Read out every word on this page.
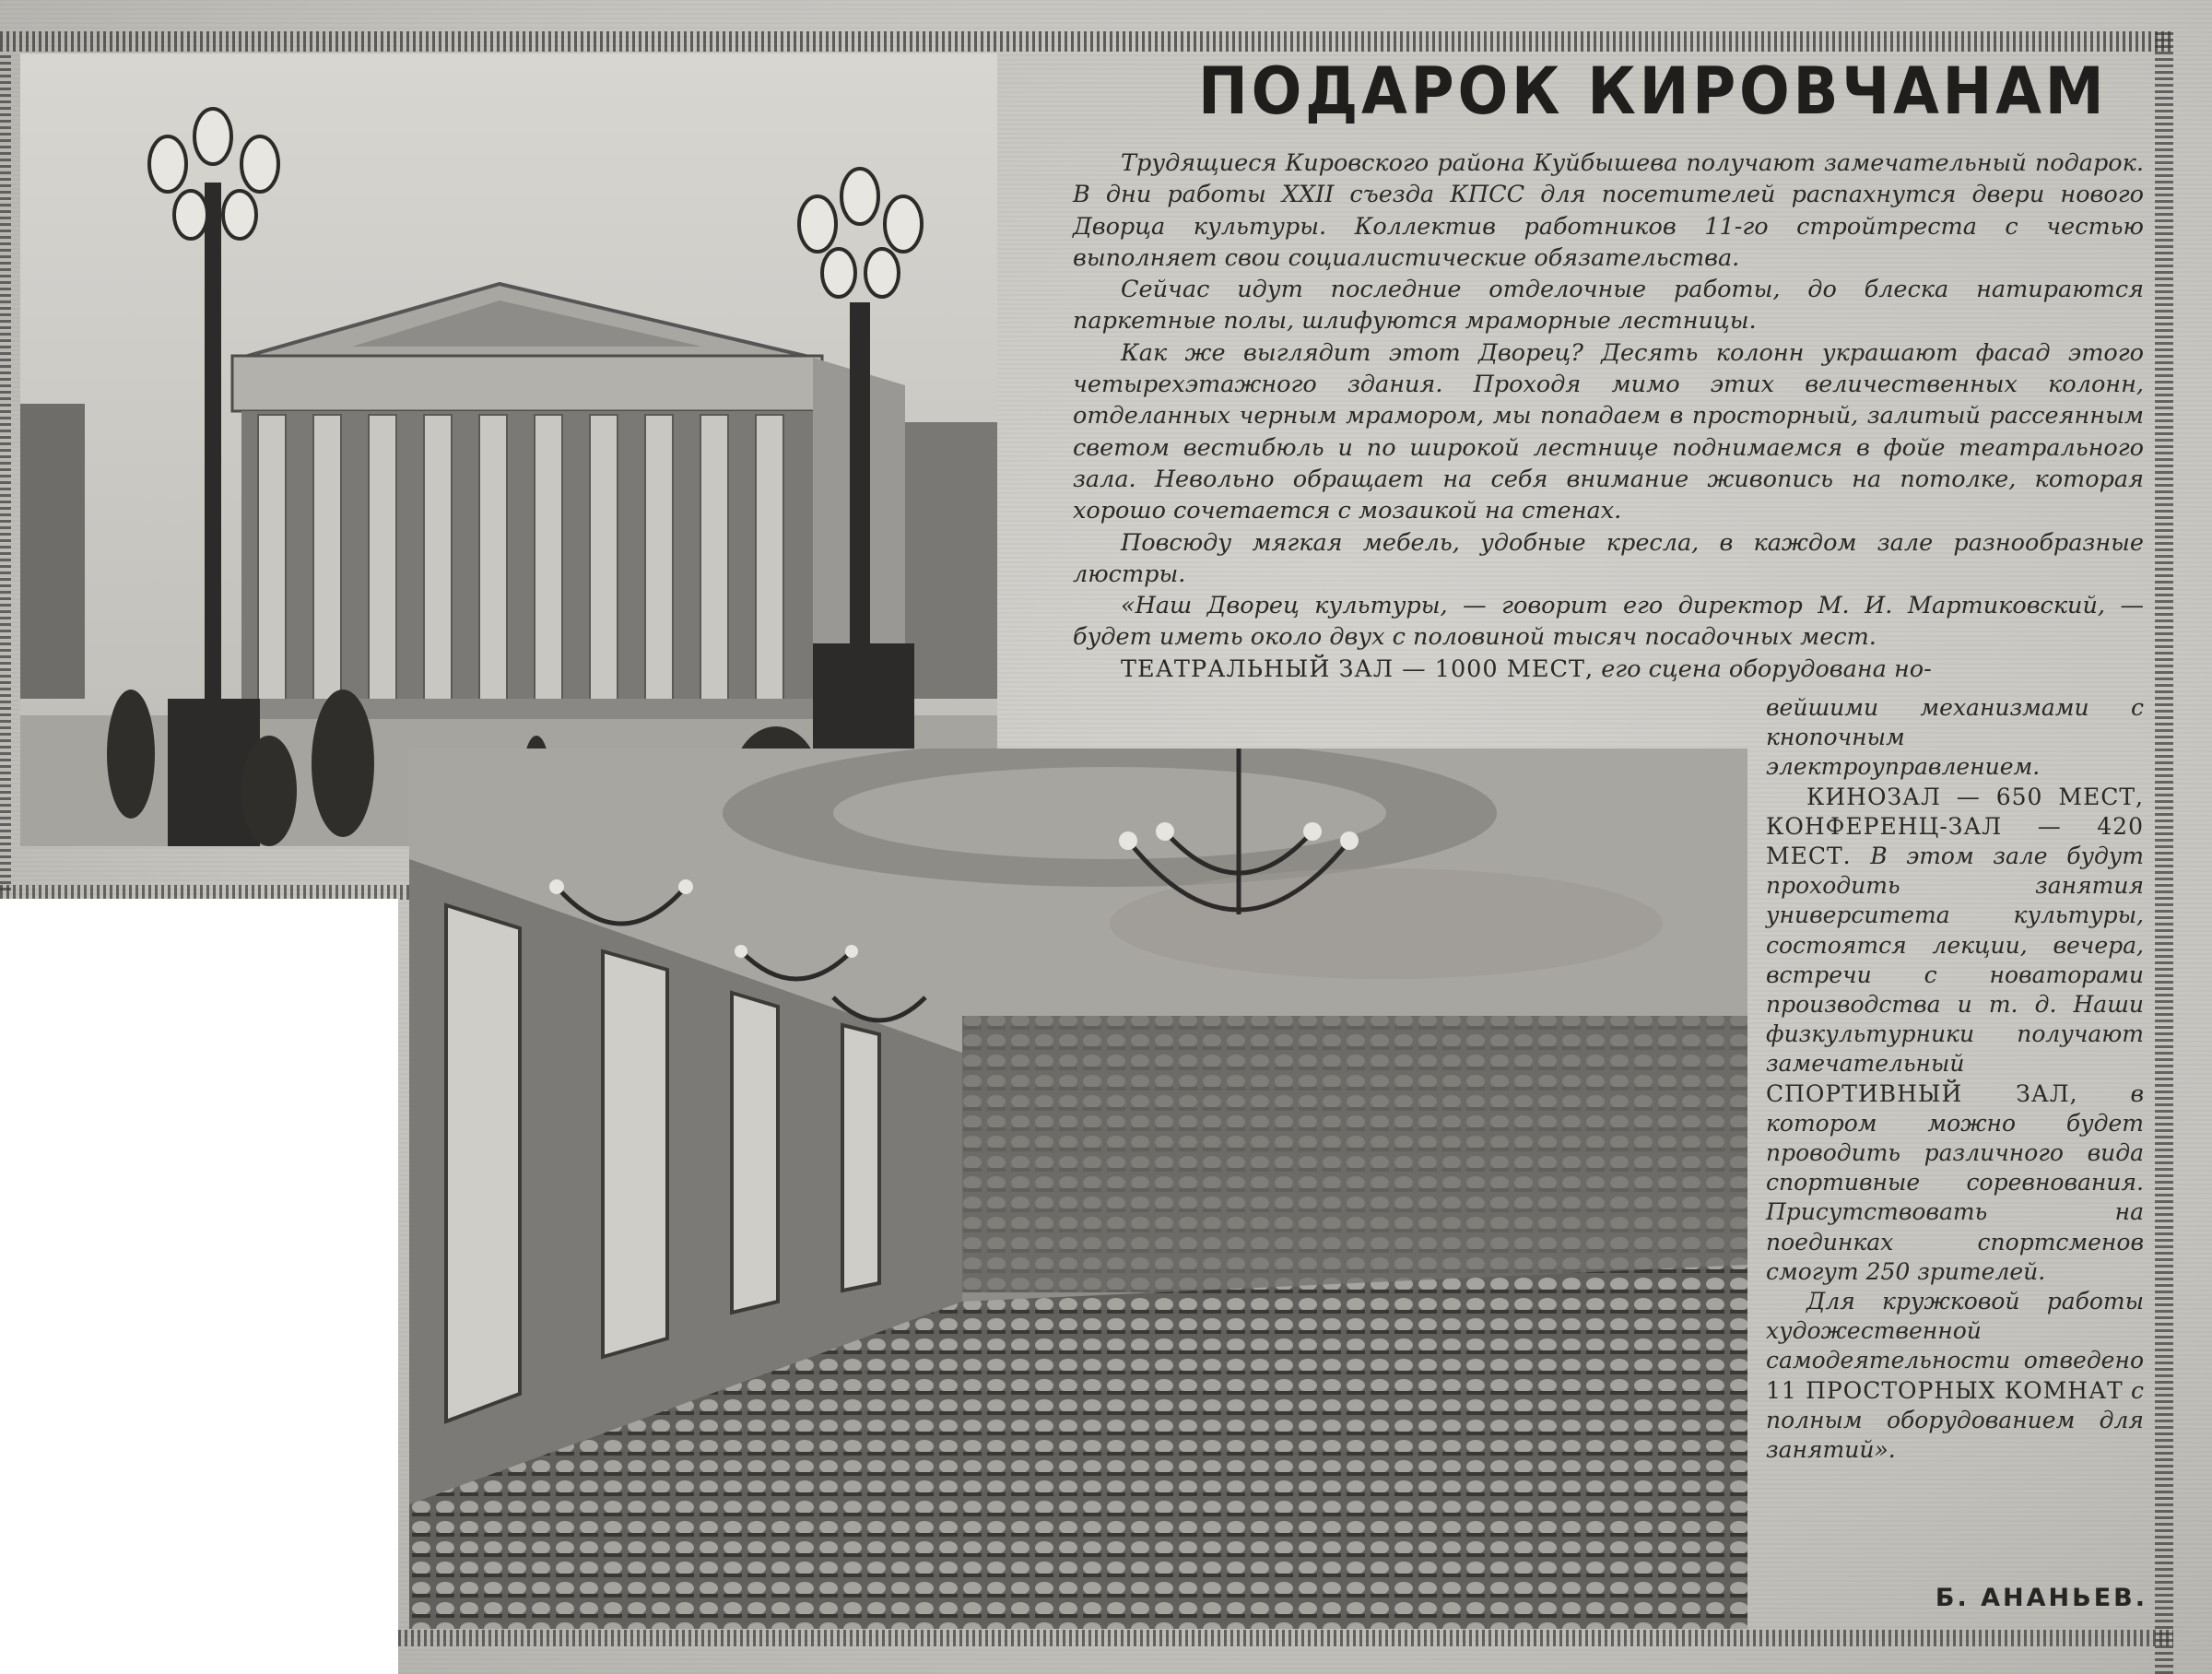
ПОДАРОК КИРОВЧАНАМ

Трудящиеся Кировского района Куйбышева получают замечательный подарок. В дни работы XXII съезда КПСС для посетителей распахнутся двери нового Дворца культуры. Коллектив работников 11-го стройтреста с честью выполняет свои социалистические обязательства.

Сейчас идут последние отделочные работы, до блеска натираются паркетные полы, шлифуются мраморные лестницы.

Как же выглядит этот Дворец? Десять колонн украшают фасад этого четырехэтажного здания. Проходя мимо этих величественных колонн, отделанных черным мрамором, мы попадаем в просторный, залитый рассеянным светом вестибюль и по широкой лестнице поднимаемся в фойе театрального зала. Невольно обращает на себя внимание живопись на потолке, которая хорошо сочетается с мозаикой на стенах.

Повсюду мягкая мебель, удобные кресла, в каждом зале разнообразные люстры.

«Наш Дворец культуры, — говорит его директор М. И. Мартиковский, — будет иметь около двух с половиной тысяч посадочных мест.

ТЕАТРАЛЬНЫЙ ЗАЛ — 1000 МЕСТ, его сцена оборудована но-

вейшими механизмами с кнопочным электроуправлением.

КИНОЗАЛ — 650 МЕСТ, КОНФЕРЕНЦ-ЗАЛ — 420 МЕСТ. В этом зале будут проходить занятия университета культуры, состоятся лекции, вечера, встречи с новаторами производства и т. д. Наши физкультурники получают замечательный СПОРТИВНЫЙ ЗАЛ, в котором можно будет проводить различного вида спортивные соревнования. Присутствовать на поединках спортсменов смогут 250 зрителей.

Для кружковой работы художественной самодеятельности отведено 11 ПРОСТОРНЫХ КОМНАТ с полным оборудованием для занятий».

Б. АНАНЬЕВ.
